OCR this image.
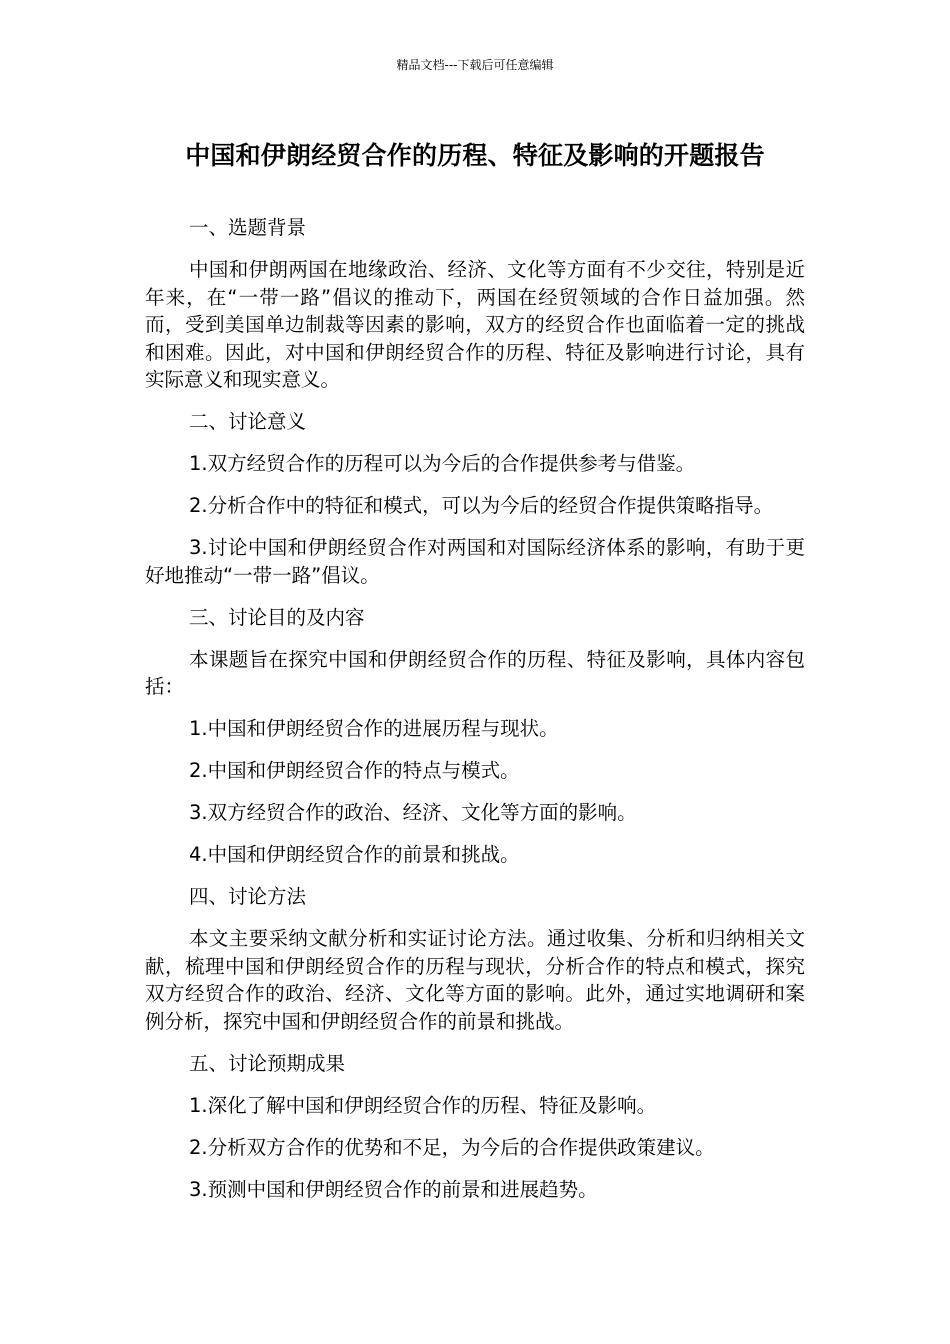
精品文档---下载后可任意编辑
中国和伊朗经贸合作的历程、特征及影响的开题报告

一、选题背景

中国和伊朗两国在地缘政治、经济、文化等方面有不少交往，特别是近年来，在“一带一路”倡议的推动下，两国在经贸领域的合作日益加强。然而，受到美国单边制裁等因素的影响，双方的经贸合作也面临着一定的挑战和困难。因此，对中国和伊朗经贸合作的历程、特征及影响进行讨论，具有实际意义和现实意义。

二、讨论意义

1.双方经贸合作的历程可以为今后的合作提供参考与借鉴。

2.分析合作中的特征和模式，可以为今后的经贸合作提供策略指导。

3.讨论中国和伊朗经贸合作对两国和对国际经济体系的影响，有助于更好地推动“一带一路”倡议。

三、讨论目的及内容

本课题旨在探究中国和伊朗经贸合作的历程、特征及影响，具体内容包括：

1.中国和伊朗经贸合作的进展历程与现状。

2.中国和伊朗经贸合作的特点与模式。

3.双方经贸合作的政治、经济、文化等方面的影响。

4.中国和伊朗经贸合作的前景和挑战。

四、讨论方法

本文主要采纳文献分析和实证讨论方法。通过收集、分析和归纳相关文献，梳理中国和伊朗经贸合作的历程与现状，分析合作的特点和模式，探究双方经贸合作的政治、经济、文化等方面的影响。此外，通过实地调研和案例分析，探究中国和伊朗经贸合作的前景和挑战。

五、讨论预期成果

1.深化了解中国和伊朗经贸合作的历程、特征及影响。

2.分析双方合作的优势和不足，为今后的合作提供政策建议。

3.预测中国和伊朗经贸合作的前景和进展趋势。
